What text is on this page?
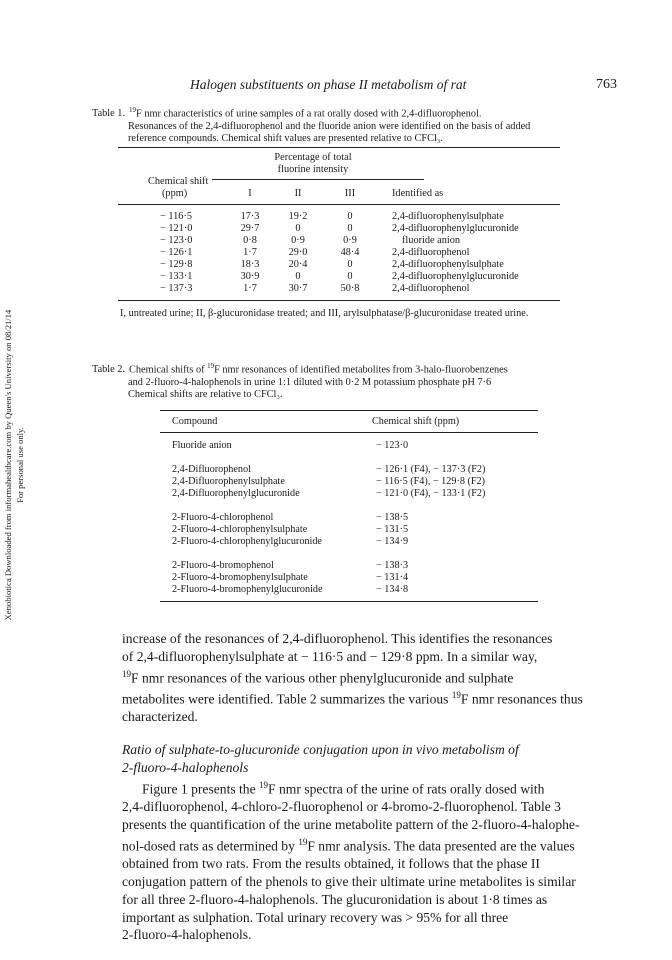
Halogen substituents on phase II metabolism of rat	763
Xenobiotica Downloaded from informahealthcare.com by Queen's University on 08/21/14 For personal use only.
Table 1. $^{19}$F nmr characteristics of urine samples of a rat orally dosed with 2,4-difluorophenol.
Resonances of the 2,4-difluorophenol and the fluoride anion were identified on the basis of added
reference compounds. Chemical shift values are presented relative to CFCl₃.
Percentage of total
fluorine intensity
Chemical shift
(ppm)	I	II	III	Identified as
− 116·5	17·3	19·2	0	2,4-difluorophenylsulphate
− 121·0	29·7	0	0	2,4-difluorophenylglucuronide
− 123·0	0·8	0·9	0·9	fluoride anion
− 126·1	1·7	29·0	48·4	2,4-difluorophenol
− 129·8	18·3	20·4	0	2,4-difluorophenylsulphate
− 133·1	30·9	0	0	2,4-difluorophenylglucuronide
− 137·3	1·7	30·7	50·8	2,4-difluorophenol
I, untreated urine; II, β-glucuronidase treated; and III, arylsulphatase/β-glucuronidase treated urine.
Table 2. Chemical shifts of $^{19}$F nmr resonances of identified metabolites from 3-halo-fluorobenzenes
and 2-fluoro-4-halophenols in urine 1:1 diluted with 0·2 M potassium phosphate pH 7·6
Chemical shifts are relative to CFCl₃.
Compound	Chemical shift (ppm)
Fluoride anion	− 123·0
2,4-Difluorophenol	− 126·1 (F4), − 137·3 (F2)
2,4-Difluorophenylsulphate	− 116·5 (F4), − 129·8 (F2)
2,4-Difluorophenylglucuronide	− 121·0 (F4), − 133·1 (F2)
2-Fluoro-4-chlorophenol	− 138·5
2-Fluoro-4-chlorophenylsulphate	− 131·5
2-Fluoro-4-chlorophenylglucuronide	− 134·9
2-Fluoro-4-bromophenol	− 138·3
2-Fluoro-4-bromophenylsulphate	− 131·4
2-Fluoro-4-bromophenylglucuronide	− 134·8

increase of the resonances of 2,4-difluorophenol. This identifies the resonances

of 2,4-difluorophenylsulphate at − 116·5 and − 129·8 ppm. In a similar way,

$^{19}$F nmr resonances of the various other phenylglucuronide and sulphate

metabolites were identified. Table 2 summarizes the various $^{19}$F nmr resonances thus

characterized.

Ratio of sulphate-to-glucuronide conjugation upon in vivo metabolism of
2-fluoro-4-halophenols

Figure 1 presents the $^{19}$F nmr spectra of the urine of rats orally dosed with

2,4-difluorophenol, 4-chloro-2-fluorophenol or 4-bromo-2-fluorophenol. Table 3

presents the quantification of the urine metabolite pattern of the 2-fluoro-4-halophe-

nol-dosed rats as determined by $^{19}$F nmr analysis. The data presented are the values

obtained from two rats. From the results obtained, it follows that the phase II

conjugation pattern of the phenols to give their ultimate urine metabolites is similar

for all three 2-fluoro-4-halophenols. The glucuronidation is about 1·8 times as

important as sulphation. Total urinary recovery was > 95% for all three

2-fluoro-4-halophenols.
